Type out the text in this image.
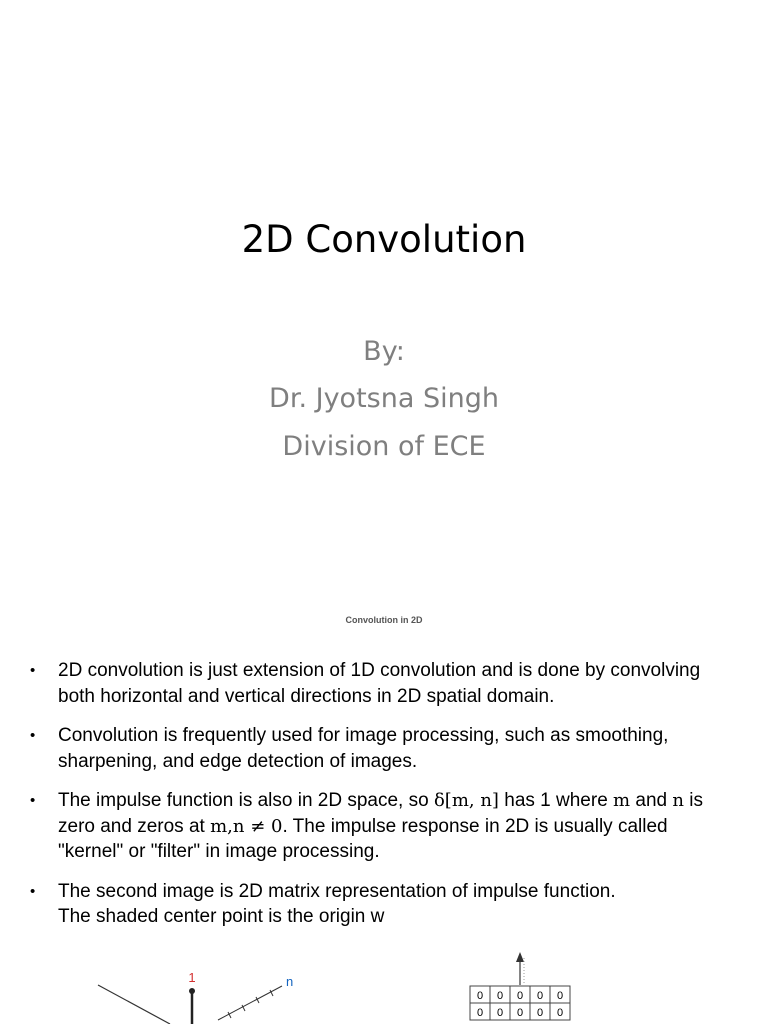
2D Convolution
By:
Dr. Jyotsna Singh
Division of ECE
Convolution in 2D
• 2D convolution is just extension of 1D convolution and is done by convolving both horizontal and vertical directions in 2D spatial domain.
• Convolution is frequently used for image processing, such as smoothing, sharpening, and edge detection of images.
• The impulse function is also in 2D space, so δ[m, n] has 1 where m and n is zero and zeros at m,n ≠ 0. The impulse response in 2D is usually called "kernel" or "filter" in image processing.
• The second image is 2D matrix representation of impulse function.
The shaded center point is the origin w
1	n
0 0 0 0 0
0 0 0 0 0
